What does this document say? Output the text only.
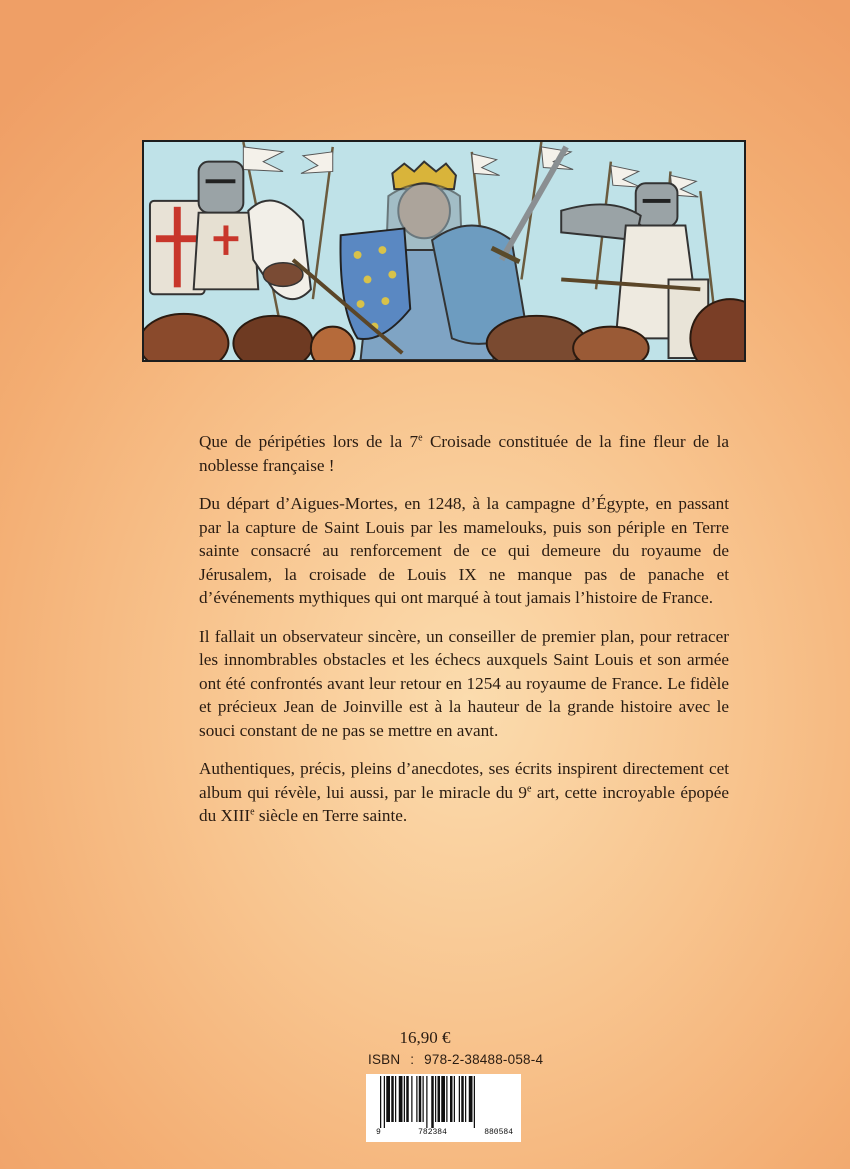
Que de péripéties lors de la 7e Croisade constituée de la fine fleur de la noblesse française !

Du départ d’Aigues-Mortes, en 1248, à la campagne d’Égypte, en passant par la capture de Saint Louis par les mamelouks, puis son périple en Terre sainte consacré au renforcement de ce qui demeure du royaume de Jérusalem, la croisade de Louis IX ne manque pas de panache et d’événements mythiques qui ont marqué à tout jamais l’histoire de France.

Il fallait un observateur sincère, un conseiller de premier plan, pour retracer les innombrables obstacles et les échecs auxquels Saint Louis et son armée ont été confrontés avant leur retour en 1254 au royaume de France. Le fidèle et précieux Jean de Joinville est à la hauteur de la grande histoire avec le souci constant de ne pas se mettre en avant.

Authentiques, précis, pleins d’anecdotes, ses écrits inspirent directement cet album qui révèle, lui aussi, par le miracle du 9e art, cette incroyable épopée du XIIIe siècle en Terre sainte.

16,90 €
ISBN : 978-2-38488-058-4
9	782384	880584
